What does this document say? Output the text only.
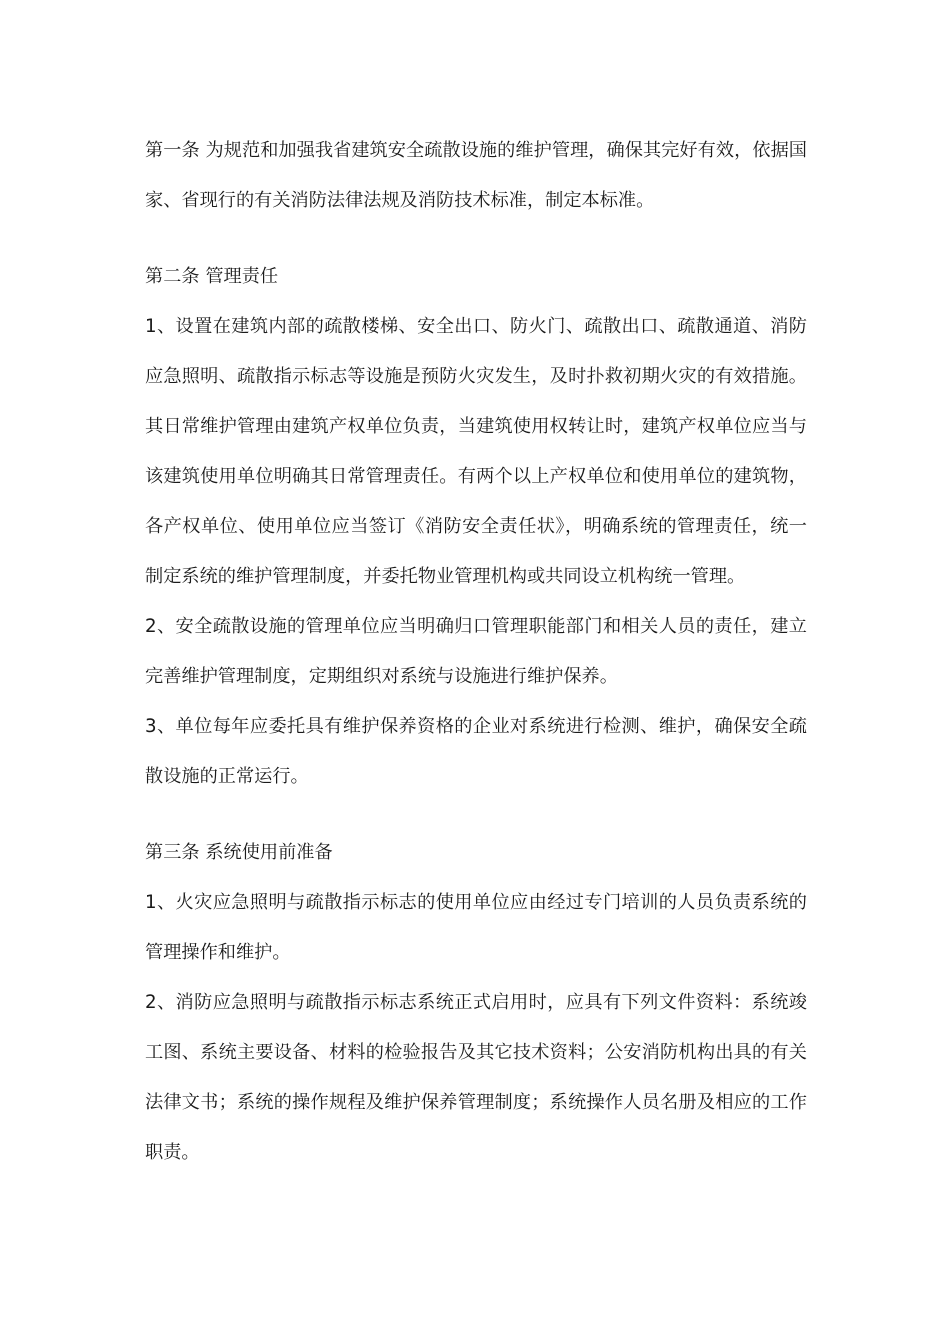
第一条 为规范和加强我省建筑安全疏散设施的维护管理，确保其完好有效，依据国家、省现行的有关消防法律法规及消防技术标准，制定本标准。

第二条 管理责任

1、设置在建筑内部的疏散楼梯、安全出口、防火门、疏散出口、疏散通道、消防应急照明、疏散指示标志等设施是预防火灾发生，及时扑救初期火灾的有效措施。其日常维护管理由建筑产权单位负责，当建筑使用权转让时，建筑产权单位应当与该建筑使用单位明确其日常管理责任。有两个以上产权单位和使用单位的建筑物，各产权单位、使用单位应当签订《消防安全责任状》，明确系统的管理责任，统一制定系统的维护管理制度，并委托物业管理机构或共同设立机构统一管理。

2、安全疏散设施的管理单位应当明确归口管理职能部门和相关人员的责任，建立完善维护管理制度，定期组织对系统与设施进行维护保养。

3、单位每年应委托具有维护保养资格的企业对系统进行检测、维护，确保安全疏散设施的正常运行。

第三条 系统使用前准备

1、火灾应急照明与疏散指示标志的使用单位应由经过专门培训的人员负责系统的管理操作和维护。

2、消防应急照明与疏散指示标志系统正式启用时，应具有下列文件资料：系统竣工图、系统主要设备、材料的检验报告及其它技术资料；公安消防机构出具的有关法律文书；系统的操作规程及维护保养管理制度；系统操作人员名册及相应的工作职责。
